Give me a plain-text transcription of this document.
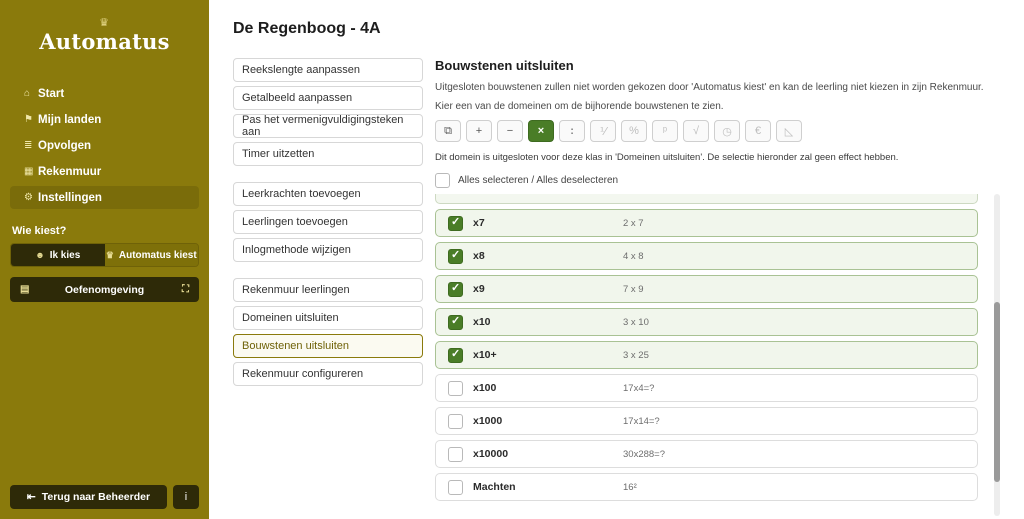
♛
Automatus
⌂ Start
⚑ Mijn landen
≣ Opvolgen
▦ Rekenmuur
⚙ Instellingen
Wie kiest?
☻ Ik kies	♛ Automatus kiest
▤	Oefenomgeving	⛶
⇤ Terug naar Beheerder	i
De Regenboog - 4A
Reekslengte aanpassen
Getalbeeld aanpassen
Pas het vermenigvuldigingsteken aan
Timer uitzetten
Leerkrachten toevoegen
Leerlingen toevoegen
Inlogmethode wijzigen
Rekenmuur leerlingen
Domeinen uitsluiten
Bouwstenen uitsluiten
Rekenmuur configureren
Bouwstenen uitsluiten
Uitgesloten bouwstenen zullen niet worden gekozen door 'Automatus kiest' en kan de leerling niet kiezen in zijn Rekenmuur.
Kier een van de domeinen om de bijhorende bouwstenen te zien.
⧉	+	−	×	∶	⅟	%	ᵖ	√	◷	€	◺
Dit domein is uitgesloten voor deze klas in 'Domeinen uitsluiten'. De selectie hieronder zal geen effect hebben.
Alles selecteren / Alles deselecteren
✓
x7	2 x 7
✓
x8	4 x 8
✓
x9	7 x 9
✓
x10	3 x 10
✓
x10+	3 x 25
x100	17x4=?
x1000	17x14=?
x10000	30x288=?
Machten	16²
